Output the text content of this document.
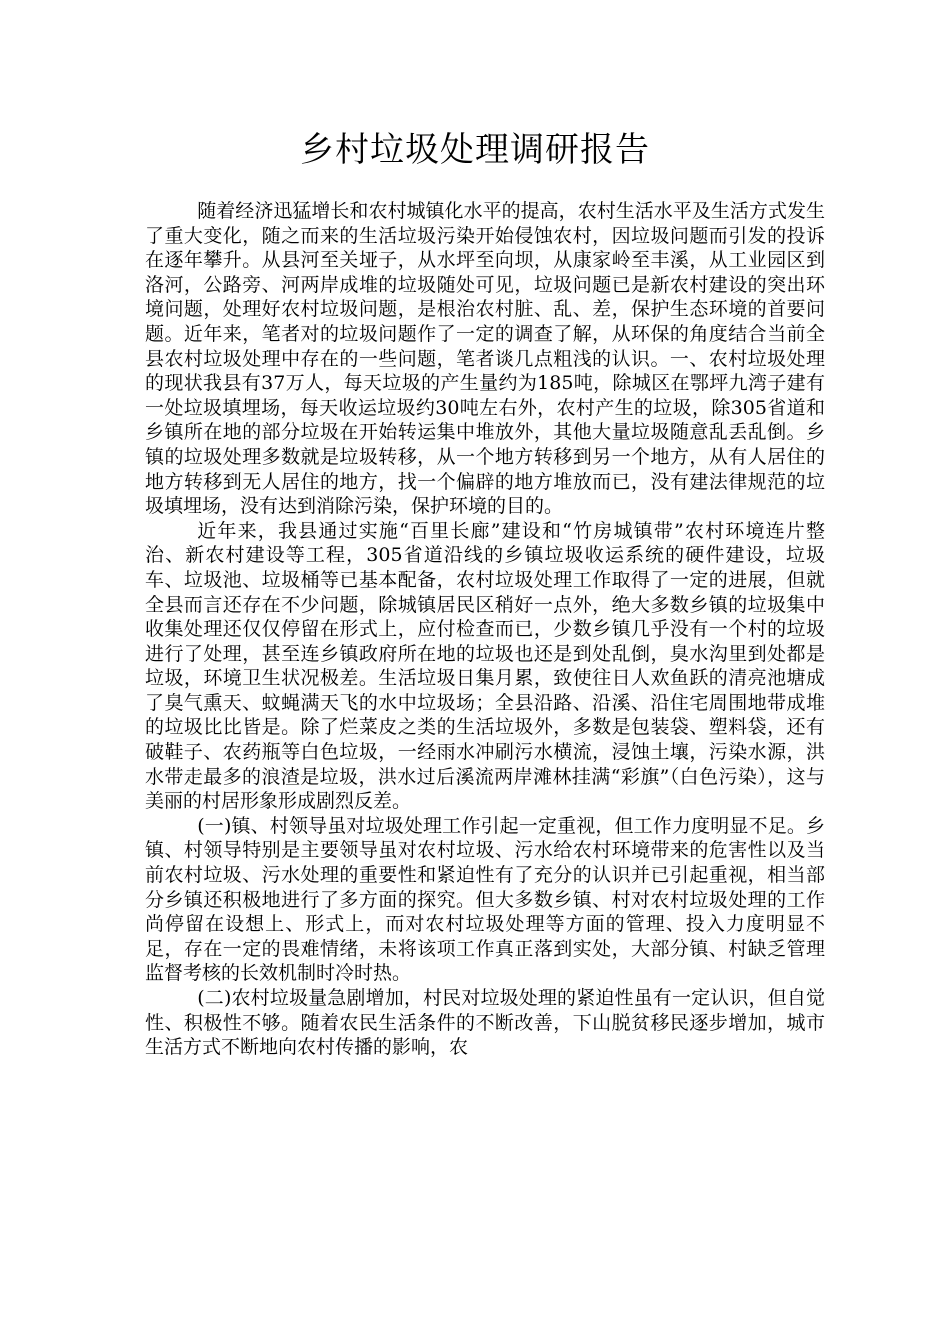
乡村垃圾处理调研报告

随着经济迅猛增长和农村城镇化水平的提高，农村生活水平及生活方式发生了重大变化，随之而来的生活垃圾污染开始侵蚀农村，因垃圾问题而引发的投诉在逐年攀升。从县河至关垭子，从水坪至向坝，从康家岭至丰溪，从工业园区到洛河，公路旁、河两岸成堆的垃圾随处可见，垃圾问题已是新农村建设的突出环境问题，处理好农村垃圾问题，是根治农村脏、乱、差，保护生态环境的首要问题。近年来，笔者对的垃圾问题作了一定的调查了解，从环保的角度结合当前全县农村垃圾处理中存在的一些问题，笔者谈几点粗浅的认识。一、农村垃圾处理的现状我县有37万人，每天垃圾的产生量约为185吨，除城区在鄂坪九湾子建有一处垃圾填埋场，每天收运垃圾约30吨左右外，农村产生的垃圾，除305省道和乡镇所在地的部分垃圾在开始转运集中堆放外，其他大量垃圾随意乱丢乱倒。乡镇的垃圾处理多数就是垃圾转移，从一个地方转移到另一个地方，从有人居住的地方转移到无人居住的地方，找一个偏辟的地方堆放而已，没有建法律规范的垃圾填埋场，没有达到消除污染，保护环境的目的。

近年来，我县通过实施“百里长廊”建设和“竹房城镇带”农村环境连片整治、新农村建设等工程，305省道沿线的乡镇垃圾收运系统的硬件建设，垃圾车、垃圾池、垃圾桶等已基本配备，农村垃圾处理工作取得了一定的进展，但就全县而言还存在不少问题，除城镇居民区稍好一点外，绝大多数乡镇的垃圾集中收集处理还仅仅停留在形式上，应付检查而已，少数乡镇几乎没有一个村的垃圾进行了处理，甚至连乡镇政府所在地的垃圾也还是到处乱倒，臭水沟里到处都是垃圾，环境卫生状况极差。生活垃圾日集月累，致使往日人欢鱼跃的清亮池塘成了臭气熏天、蚊蝇满天飞的水中垃圾场；全县沿路、沿溪、沿住宅周围地带成堆的垃圾比比皆是。除了烂菜皮之类的生活垃圾外，多数是包装袋、塑料袋，还有破鞋子、农药瓶等白色垃圾，一经雨水冲刷污水横流，浸蚀土壤，污染水源，洪水带走最多的浪渣是垃圾，洪水过后溪流两岸滩林挂满“彩旗”（白色污染），这与美丽的村居形象形成剧烈反差。

(一)镇、村领导虽对垃圾处理工作引起一定重视，但工作力度明显不足。乡镇、村领导特别是主要领导虽对农村垃圾、污水给农村环境带来的危害性以及当前农村垃圾、污水处理的重要性和紧迫性有了充分的认识并已引起重视，相当部分乡镇还积极地进行了多方面的探究。但大多数乡镇、村对农村垃圾处理的工作尚停留在设想上、形式上，而对农村垃圾处理等方面的管理、投入力度明显不足，存在一定的畏难情绪，未将该项工作真正落到实处，大部分镇、村缺乏管理监督考核的长效机制时冷时热。

(二)农村垃圾量急剧增加，村民对垃圾处理的紧迫性虽有一定认识，但自觉性、积极性不够。随着农民生活条件的不断改善，下山脱贫移民逐步增加，城市生活方式不断地向农村传播的影响，农
